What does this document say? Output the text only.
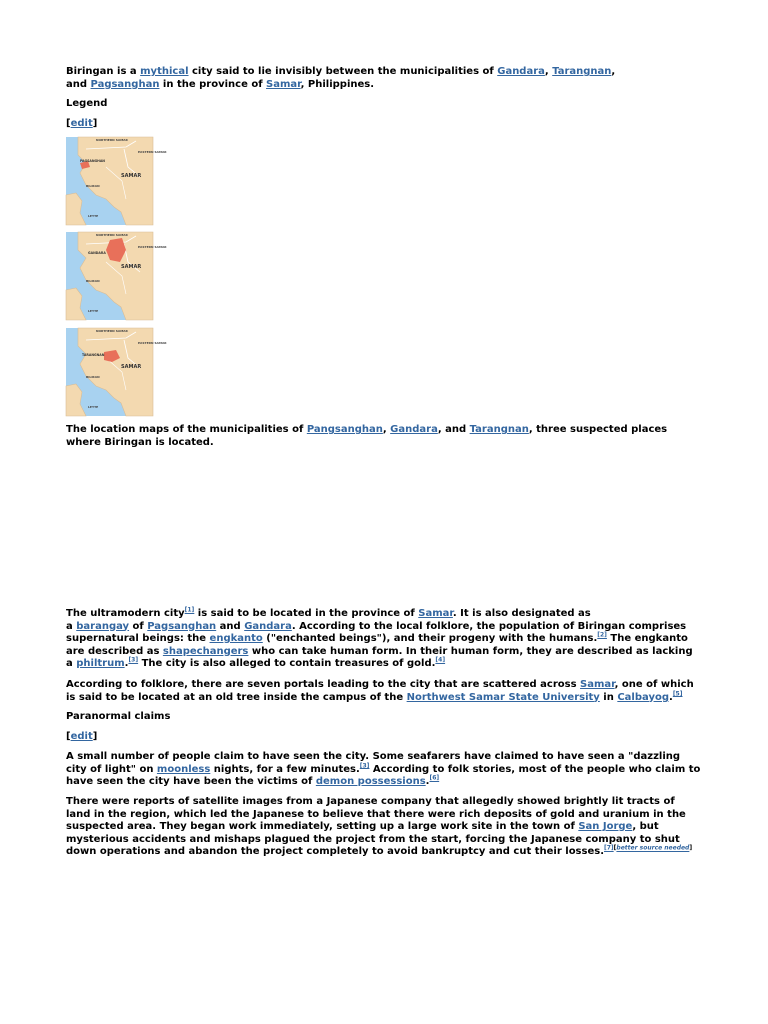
Biringan is a mythical city said to lie invisibly between the municipalities of Gandara, Tarangnan,
and Pagsanghan in the province of Samar, Philippines.

Legend

[edit]

NORTHERN SAMAR
EASTERN SAMAR
PAGSANGHAN
SAMAR
BILIRAN
LEYTE
NORTHERN SAMAR
EASTERN SAMAR
GANDARA
SAMAR
BILIRAN
LEYTE
NORTHERN SAMAR
EASTERN SAMAR
TARANGNAN
SAMAR
BILIRAN
LEYTE

The location maps of the municipalities of Pangsanghan, Gandara, and Tarangnan, three suspected places
where Biringan is located.

The ultramodern city[1] is said to be located in the province of Samar. It is also designated as
a barangay of Pagsanghan and Gandara. According to the local folklore, the population of Biringan comprises
supernatural beings: the engkanto ("enchanted beings"), and their progeny with the humans.[2] The engkanto
are described as shapechangers who can take human form. In their human form, they are described as lacking
a philtrum.[3] The city is also alleged to contain treasures of gold.[4]

According to folklore, there are seven portals leading to the city that are scattered across Samar, one of which
is said to be located at an old tree inside the campus of the Northwest Samar State University in Calbayog.[5]

Paranormal claims

[edit]

A small number of people claim to have seen the city. Some seafarers have claimed to have seen a "dazzling
city of light" on moonless nights, for a few minutes.[3] According to folk stories, most of the people who claim to
have seen the city have been the victims of demon possessions.[6]

There were reports of satellite images from a Japanese company that allegedly showed brightly lit tracts of
land in the region, which led the Japanese to believe that there were rich deposits of gold and uranium in the
suspected area. They began work immediately, setting up a large work site in the town of San Jorge, but
mysterious accidents and mishaps plagued the project from the start, forcing the Japanese company to shut
down operations and abandon the project completely to avoid bankruptcy and cut their losses.[7][better source needed]
